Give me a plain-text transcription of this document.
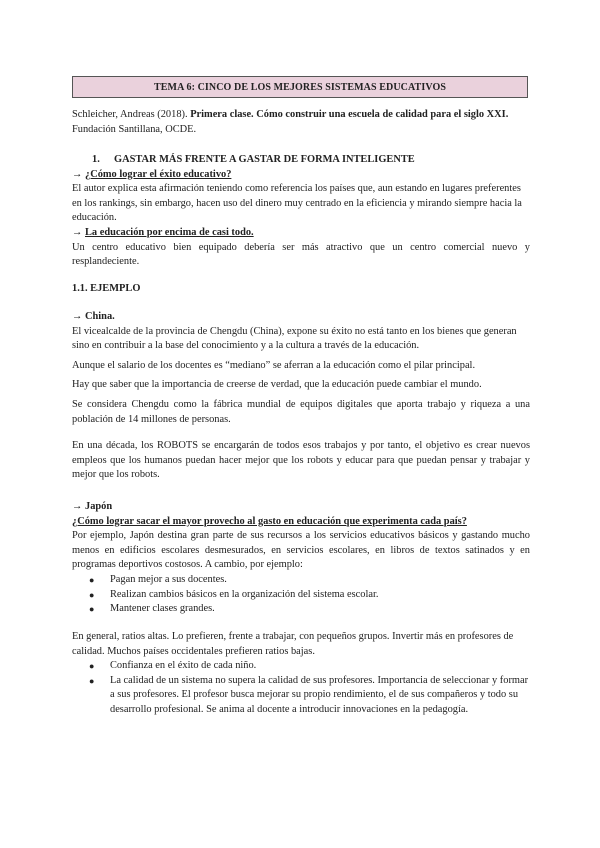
TEMA 6: CINCO DE LOS MEJORES SISTEMAS EDUCATIVOS

Schleicher, Andreas (2018). Primera clase. Cómo construir una escuela de calidad para el siglo XXI.

Fundación Santillana, OCDE.

1. GASTAR MÁS FRENTE A GASTAR DE FORMA INTELIGENTE

→ ¿Cómo lograr el éxito educativo?

El autor explica esta afirmación teniendo como referencia los países que, aun estando en lugares preferentes en los rankings, sin embargo, hacen uso del dinero muy centrado en la eficiencia y mirando siempre hacia la educación.

→ La educación por encima de casi todo.

Un centro educativo bien equipado debería ser más atractivo que un centro comercial nuevo y resplandeciente.

1.1. EJEMPLO

→ China.

El vicealcalde de la provincia de Chengdu (China), expone su éxito no está tanto en los bienes que generan sino en contribuir a la base del conocimiento y a la cultura a través de la educación.

Aunque el salario de los docentes es “mediano” se aferran a la educación como el pilar principal.

Hay que saber que la importancia de creerse de verdad, que la educación puede cambiar el mundo.

Se considera Chengdu como la fábrica mundial de equipos digitales que aporta trabajo y riqueza a una población de 14 millones de personas.

En una década, los ROBOTS se encargarán de todos esos trabajos y por tanto, el objetivo es crear nuevos empleos que los humanos puedan hacer mejor que los robots y educar para que puedan pensar y trabajar y mejor que los robots.

→ Japón

¿Cómo lograr sacar el mayor provecho al gasto en educación que experimenta cada país?

Por ejemplo, Japón destina gran parte de sus recursos a los servicios educativos básicos y gastando mucho menos en edificios escolares desmesurados, en servicios escolares, en libros de textos satinados y en programas deportivos costosos. A cambio, por ejemplo:

● Pagan mejor a sus docentes.
● Realizan cambios básicos en la organización del sistema escolar.
● Mantener clases grandes.

En general, ratios altas. Lo prefieren, frente a trabajar, con pequeños grupos. Invertir más en profesores de calidad. Muchos países occidentales prefieren ratios bajas.

● Confianza en el éxito de cada niño.
● La calidad de un sistema no supera la calidad de sus profesores. Importancia de seleccionar y formar a sus profesores. El profesor busca mejorar su propio rendimiento, el de sus compañeros y todo su desarrollo profesional. Se anima al docente a introducir innovaciones en la pedagogía.
